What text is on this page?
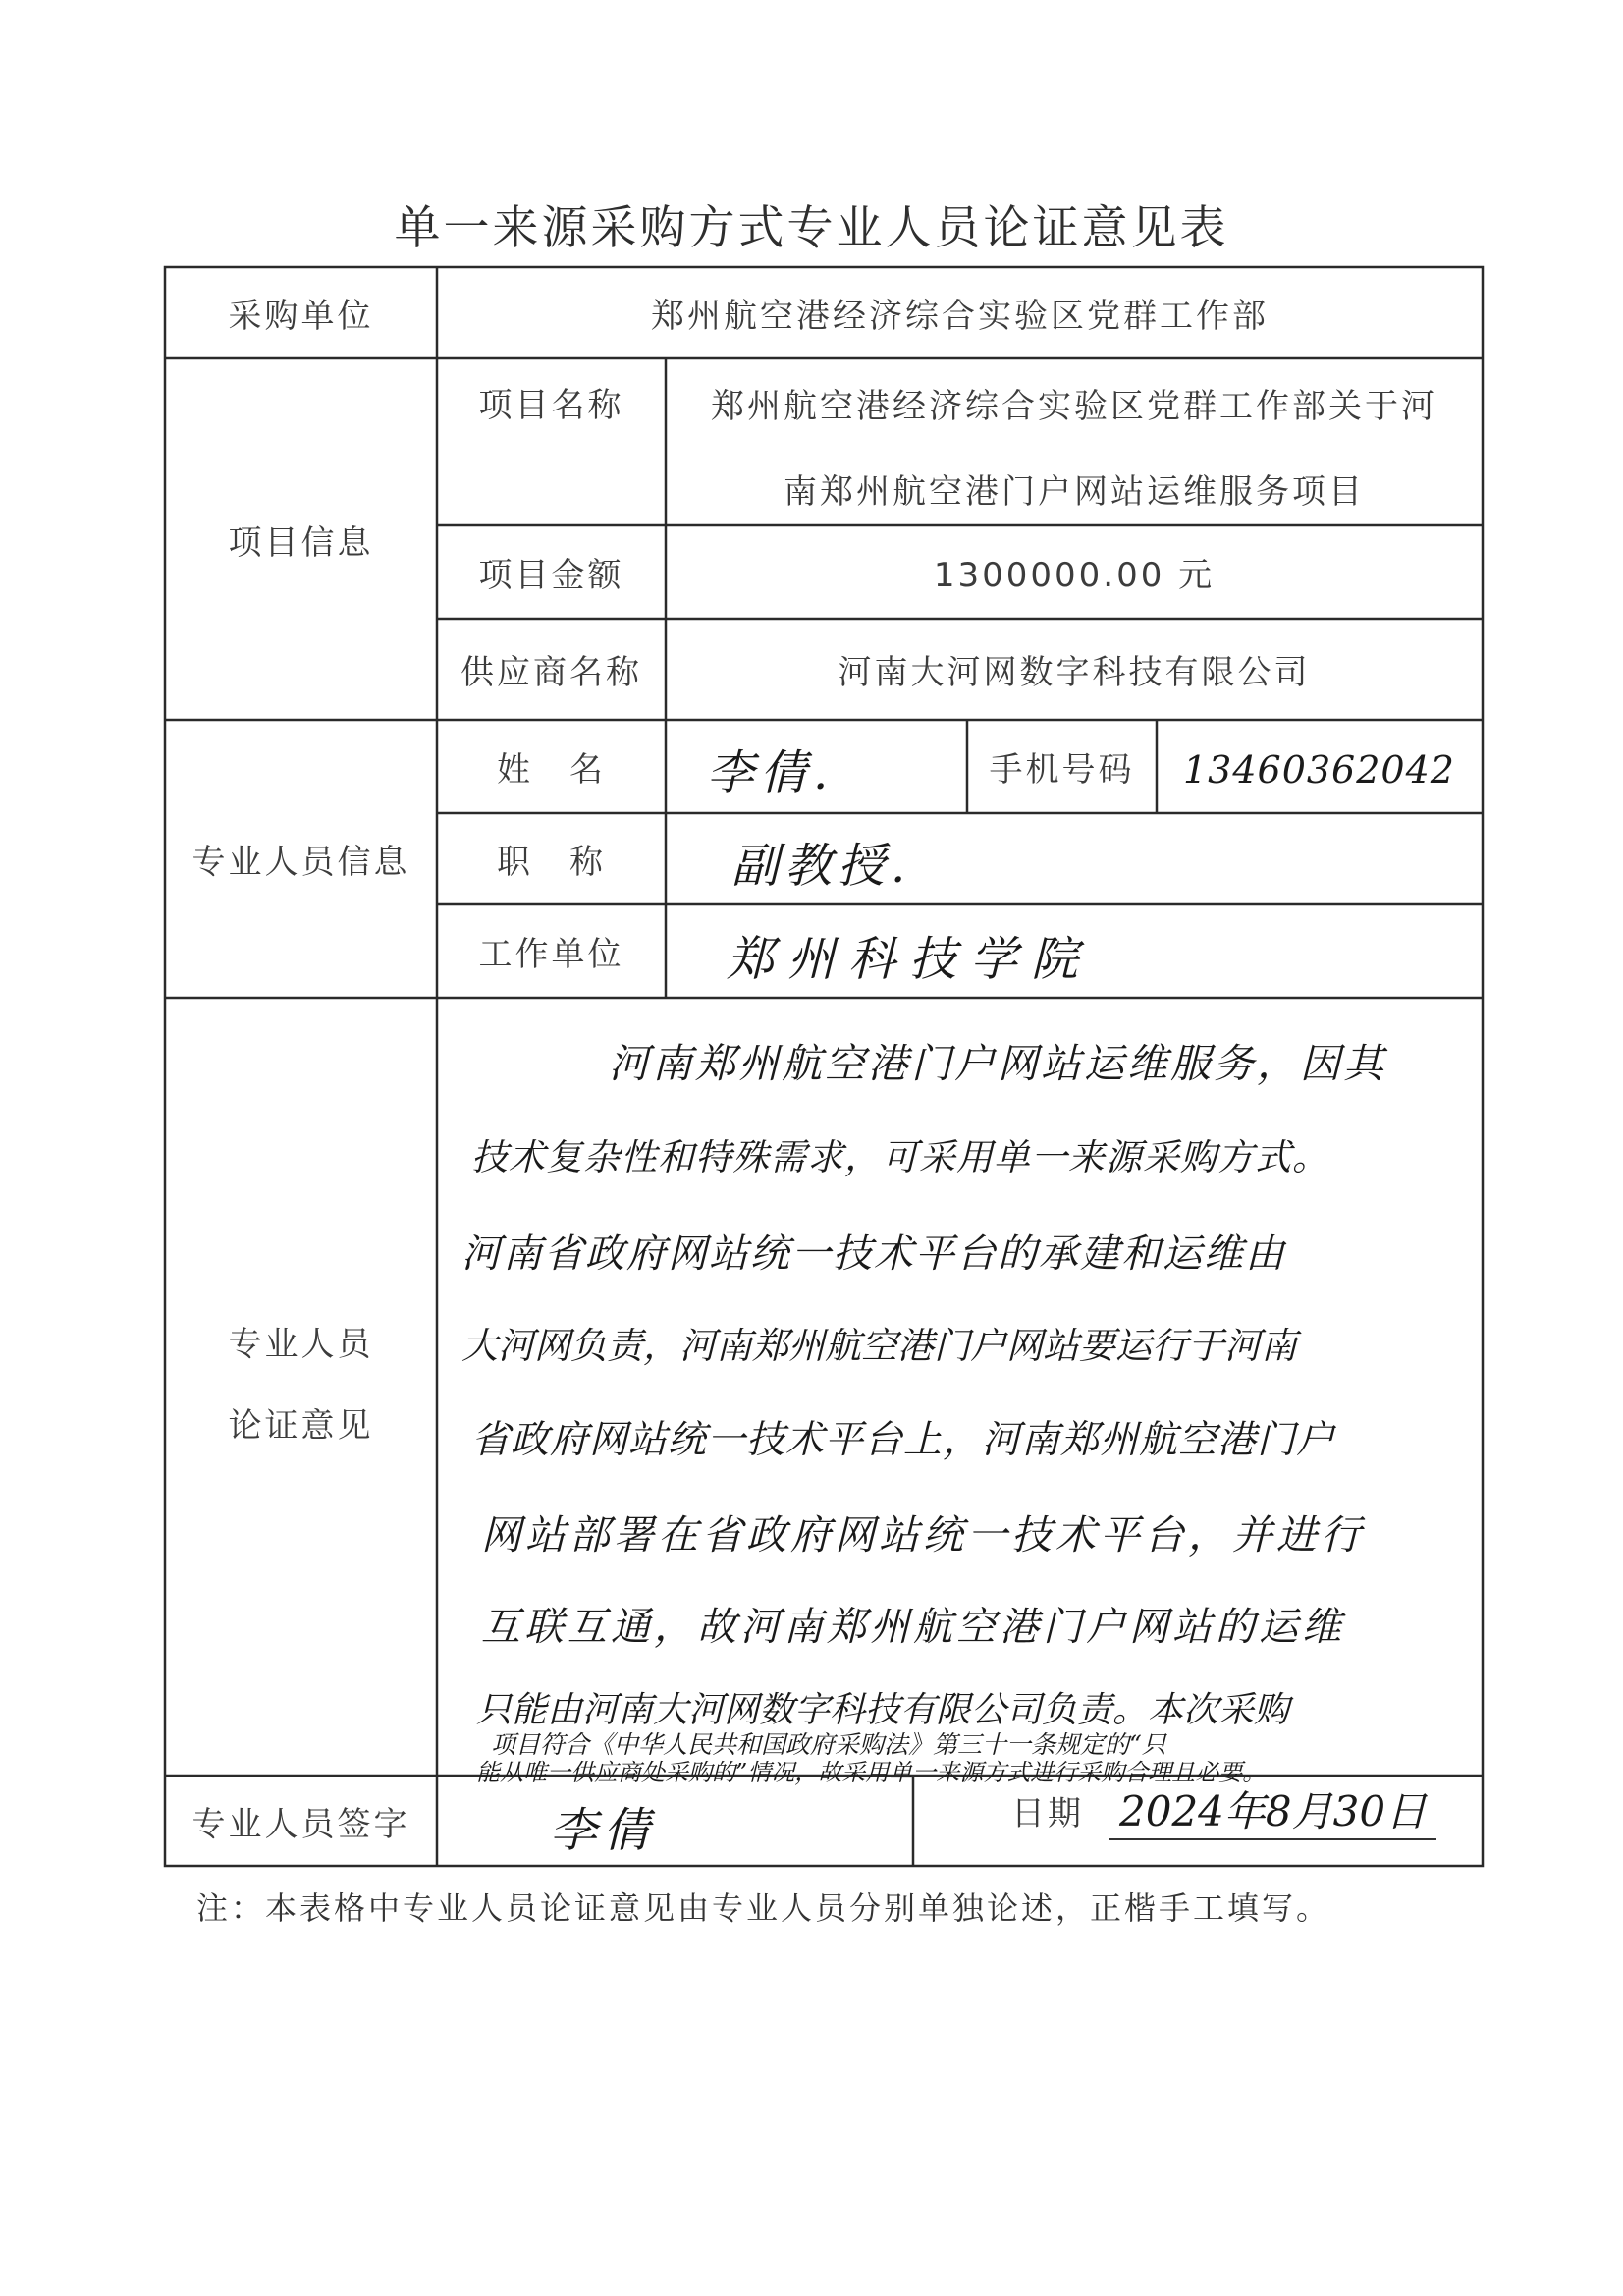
单一来源采购方式专业人员论证意见表
采购单位	郑州航空港经济综合实验区党群工作部
项目信息
项目名称	郑州航空港经济综合实验区党群工作部关于河
南郑州航空港门户网站运维服务项目
项目金额	1300000.00 元
供应商名称	河南大河网数字科技有限公司
专业人员信息
姓　名	李倩.	手机号码	13460362042
职　称	副教授.
工作单位	郑州科技学院
专业人员
论证意见
河南郑州航空港门户网站运维服务，因其
技术复杂性和特殊需求，可采用单一来源采购方式。
河南省政府网站统一技术平台的承建和运维由
大河网负责，河南郑州航空港门户网站要运行于河南
省政府网站统一技术平台上，河南郑州航空港门户
网站部署在省政府网站统一技术平台，并进行
互联互通，故河南郑州航空港门户网站的运维
只能由河南大河网数字科技有限公司负责。本次采购
项目符合《中华人民共和国政府采购法》第三十一条规定的“只
能从唯一供应商处采购的”情况，故采用单一来源方式进行采购合理且必要。
专业人员签字	李倩	日期 2024年8月30日
注：本表格中专业人员论证意见由专业人员分别单独论述，正楷手工填写。
